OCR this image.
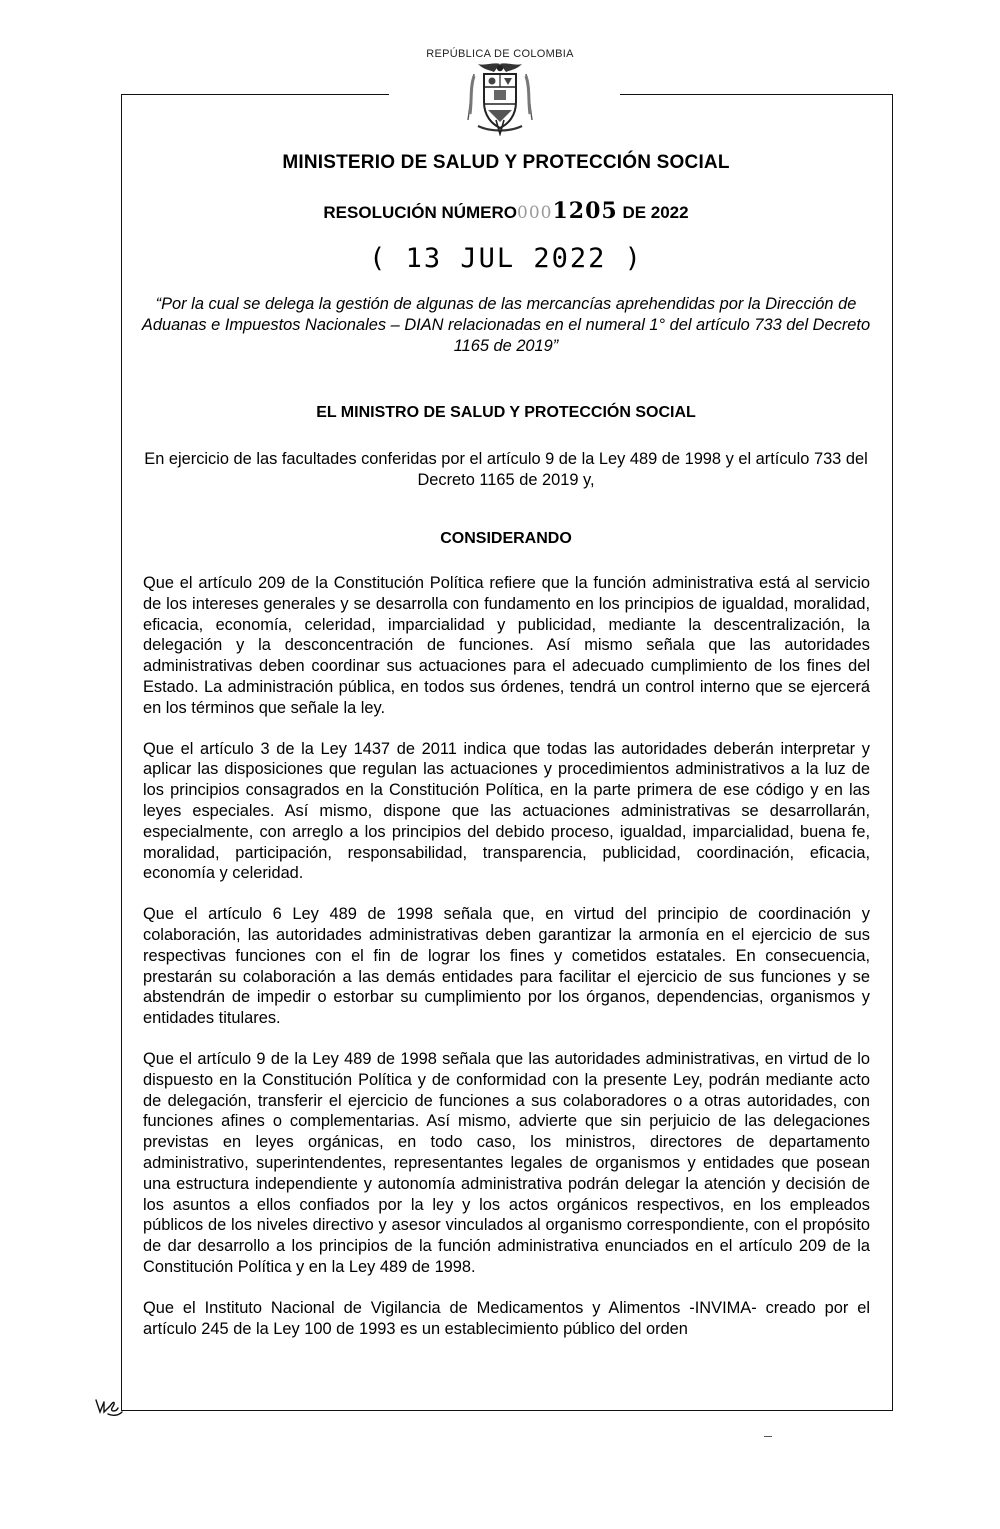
REPÚBLICA DE COLOMBIA
MINISTERIO DE SALUD Y PROTECCIÓN SOCIAL
RESOLUCIÓN NÚMERO0001205 DE 2022
( 13 JUL 2022 )
“Por la cual se delega la gestión de algunas de las mercancías aprehendidas por la Dirección de Aduanas e Impuestos Nacionales – DIAN relacionadas en el numeral 1° del artículo 733 del Decreto 1165 de 2019”
EL MINISTRO DE SALUD Y PROTECCIÓN SOCIAL
En ejercicio de las facultades conferidas por el artículo 9 de la Ley 489 de 1998 y el artículo 733 del Decreto 1165 de 2019 y,
CONSIDERANDO

Que el artículo 209 de la Constitución Política refiere que la función administrativa está al servicio de los intereses generales y se desarrolla con fundamento en los principios de igualdad, moralidad, eficacia, economía, celeridad, imparcialidad y publicidad, mediante la descentralización, la delegación y la desconcentración de funciones. Así mismo señala que las autoridades administrativas deben coordinar sus actuaciones para el adecuado cumplimiento de los fines del Estado. La administración pública, en todos sus órdenes, tendrá un control interno que se ejercerá en los términos que señale la ley.

Que el artículo 3 de la Ley 1437 de 2011 indica que todas las autoridades deberán interpretar y aplicar las disposiciones que regulan las actuaciones y procedimientos administrativos a la luz de los principios consagrados en la Constitución Política, en la parte primera de ese código y en las leyes especiales. Así mismo, dispone que las actuaciones administrativas se desarrollarán, especialmente, con arreglo a los principios del debido proceso, igualdad, imparcialidad, buena fe, moralidad, participación, responsabilidad, transparencia, publicidad, coordinación, eficacia, economía y celeridad.

Que el artículo 6 Ley 489 de 1998 señala que, en virtud del principio de coordinación y colaboración, las autoridades administrativas deben garantizar la armonía en el ejercicio de sus respectivas funciones con el fin de lograr los fines y cometidos estatales. En consecuencia, prestarán su colaboración a las demás entidades para facilitar el ejercicio de sus funciones y se abstendrán de impedir o estorbar su cumplimiento por los órganos, dependencias, organismos y entidades titulares.

Que el artículo 9 de la Ley 489 de 1998 señala que las autoridades administrativas, en virtud de lo dispuesto en la Constitución Política y de conformidad con la presente Ley, podrán mediante acto de delegación, transferir el ejercicio de funciones a sus colaboradores o a otras autoridades, con funciones afines o complementarias. Así mismo, advierte que sin perjuicio de las delegaciones previstas en leyes orgánicas, en todo caso, los ministros, directores de departamento administrativo, superintendentes, representantes legales de organismos y entidades que posean una estructura independiente y autonomía administrativa podrán delegar la atención y decisión de los asuntos a ellos confiados por la ley y los actos orgánicos respectivos, en los empleados públicos de los niveles directivo y asesor vinculados al organismo correspondiente, con el propósito de dar desarrollo a los principios de la función administrativa enunciados en el artículo 209 de la Constitución Política y en la Ley 489 de 1998.

Que el Instituto Nacional de Vigilancia de Medicamentos y Alimentos -INVIMA- creado por el artículo 245 de la Ley 100 de 1993 es un establecimiento público del orden
